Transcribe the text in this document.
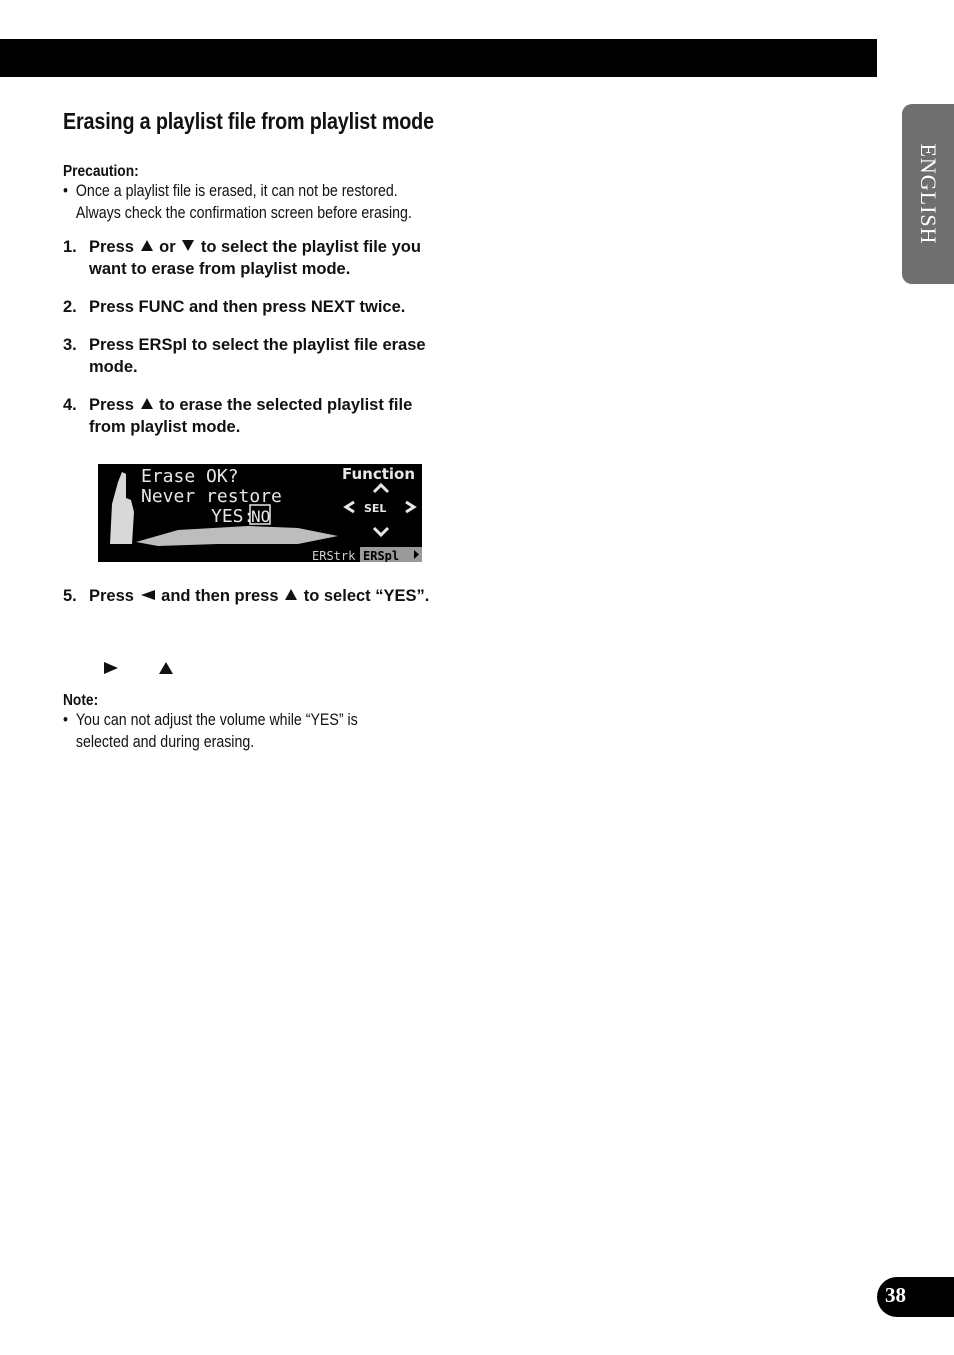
ENGLISH
Erasing a playlist file from playlist mode

Precaution:

• Once a playlist file is erased, it can not be restored. Always check the confirmation screen before erasing.

1. Press or to select the playlist file you want to erase from playlist mode.
2. Press FUNC and then press NEXT twice.
3. Press ERSpl to select the playlist file erase mode.
4. Press to erase the selected playlist file from playlist mode.
Erase OK?
Never restore
YES:
NO
Function
SEL
ERStrk ERSpl
5. Press and then press to select “YES”.

Note:

• You can not adjust the volume while “YES” is selected and during erasing.

38
